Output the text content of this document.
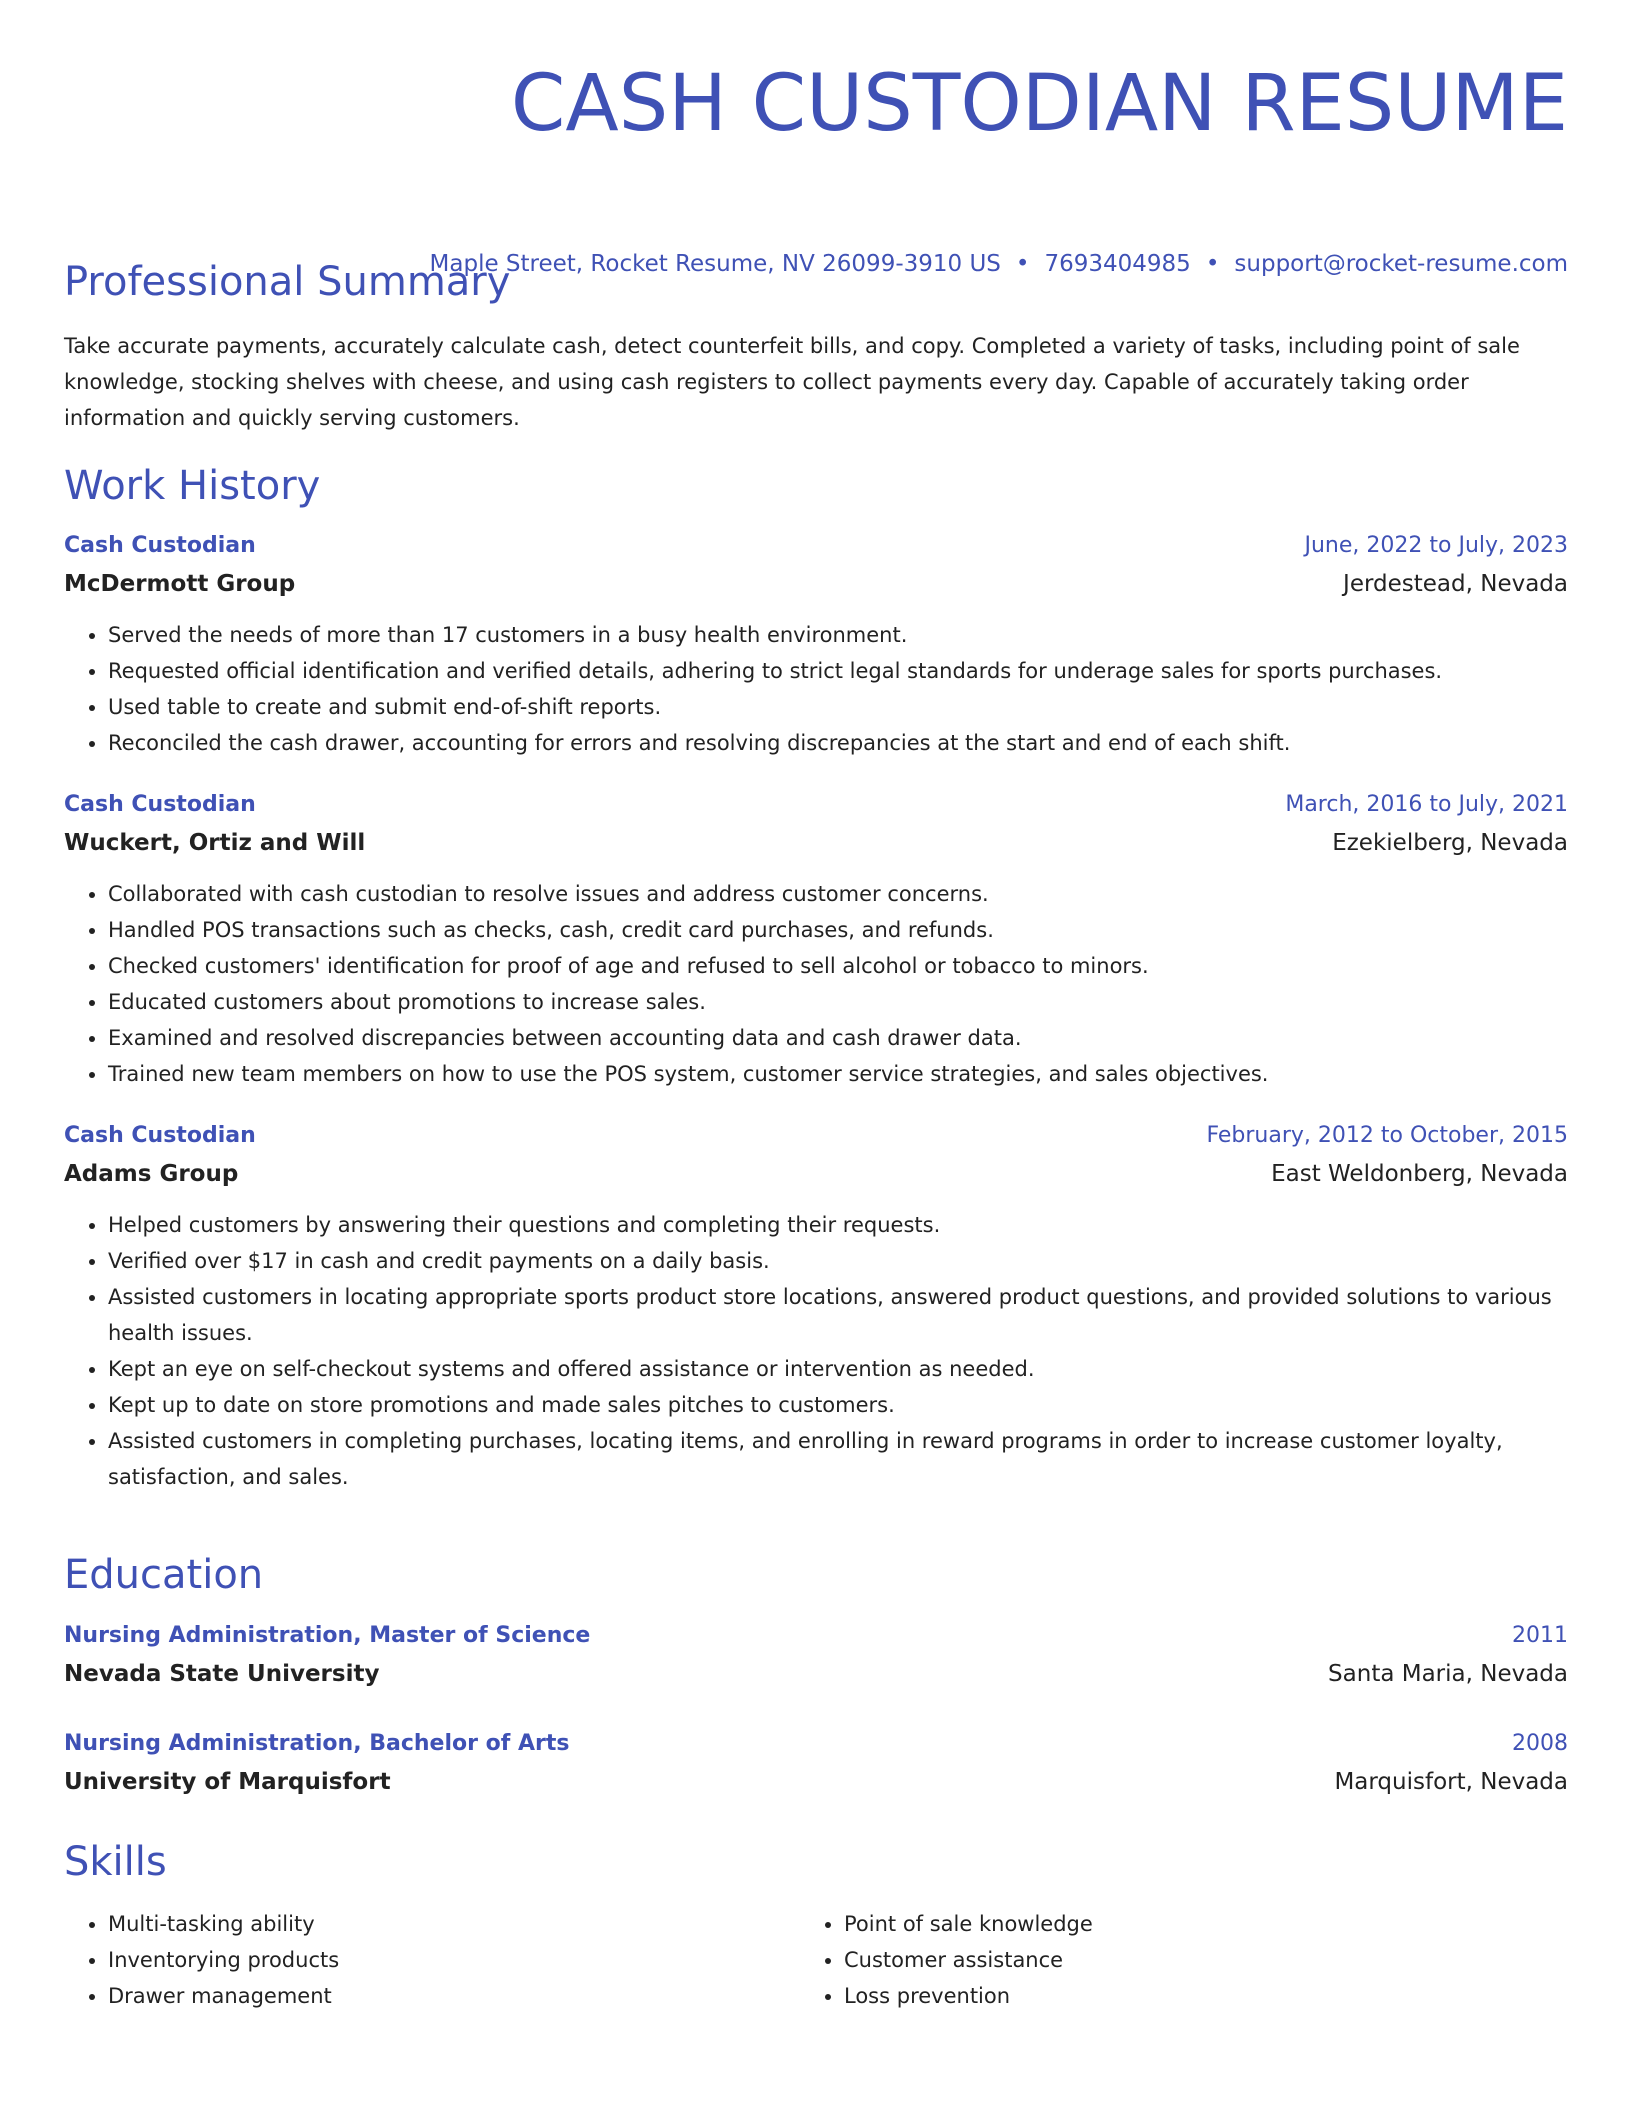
CASH CUSTODIAN RESUME
Maple Street, Rocket Resume, NV 26099-3910 US • 7693404985 • support@rocket-resume.com
Professional Summary
Take accurate payments, accurately calculate cash, detect counterfeit bills, and copy. Completed a variety of tasks, including point of sale knowledge, stocking shelves with cheese, and using cash registers to collect payments every day. Capable of accurately taking order information and quickly serving customers.
Work History
Cash Custodian	June, 2022 to July, 2023
McDermott Group	Jerdestead, Nevada
• Served the needs of more than 17 customers in a busy health environment.
• Requested official identification and verified details, adhering to strict legal standards for underage sales for sports purchases.
• Used table to create and submit end-of-shift reports.
• Reconciled the cash drawer, accounting for errors and resolving discrepancies at the start and end of each shift.
Cash Custodian	March, 2016 to July, 2021
Wuckert, Ortiz and Will	Ezekielberg, Nevada
• Collaborated with cash custodian to resolve issues and address customer concerns.
• Handled POS transactions such as checks, cash, credit card purchases, and refunds.
• Checked customers' identification for proof of age and refused to sell alcohol or tobacco to minors.
• Educated customers about promotions to increase sales.
• Examined and resolved discrepancies between accounting data and cash drawer data.
• Trained new team members on how to use the POS system, customer service strategies, and sales objectives.
Cash Custodian	February, 2012 to October, 2015
Adams Group	East Weldonberg, Nevada
• Helped customers by answering their questions and completing their requests.
• Verified over $17 in cash and credit payments on a daily basis.
• Assisted customers in locating appropriate sports product store locations, answered product questions, and provided solutions to various health issues.
• Kept an eye on self-checkout systems and offered assistance or intervention as needed.
• Kept up to date on store promotions and made sales pitches to customers.
• Assisted customers in completing purchases, locating items, and enrolling in reward programs in order to increase customer loyalty, satisfaction, and sales.
Education
Nursing Administration, Master of Science	2011
Nevada State University	Santa Maria, Nevada
Nursing Administration, Bachelor of Arts	2008
University of Marquisfort	Marquisfort, Nevada
Skills
• Multi-tasking ability
• Inventorying products
• Drawer management
• Point of sale knowledge
• Customer assistance
• Loss prevention
